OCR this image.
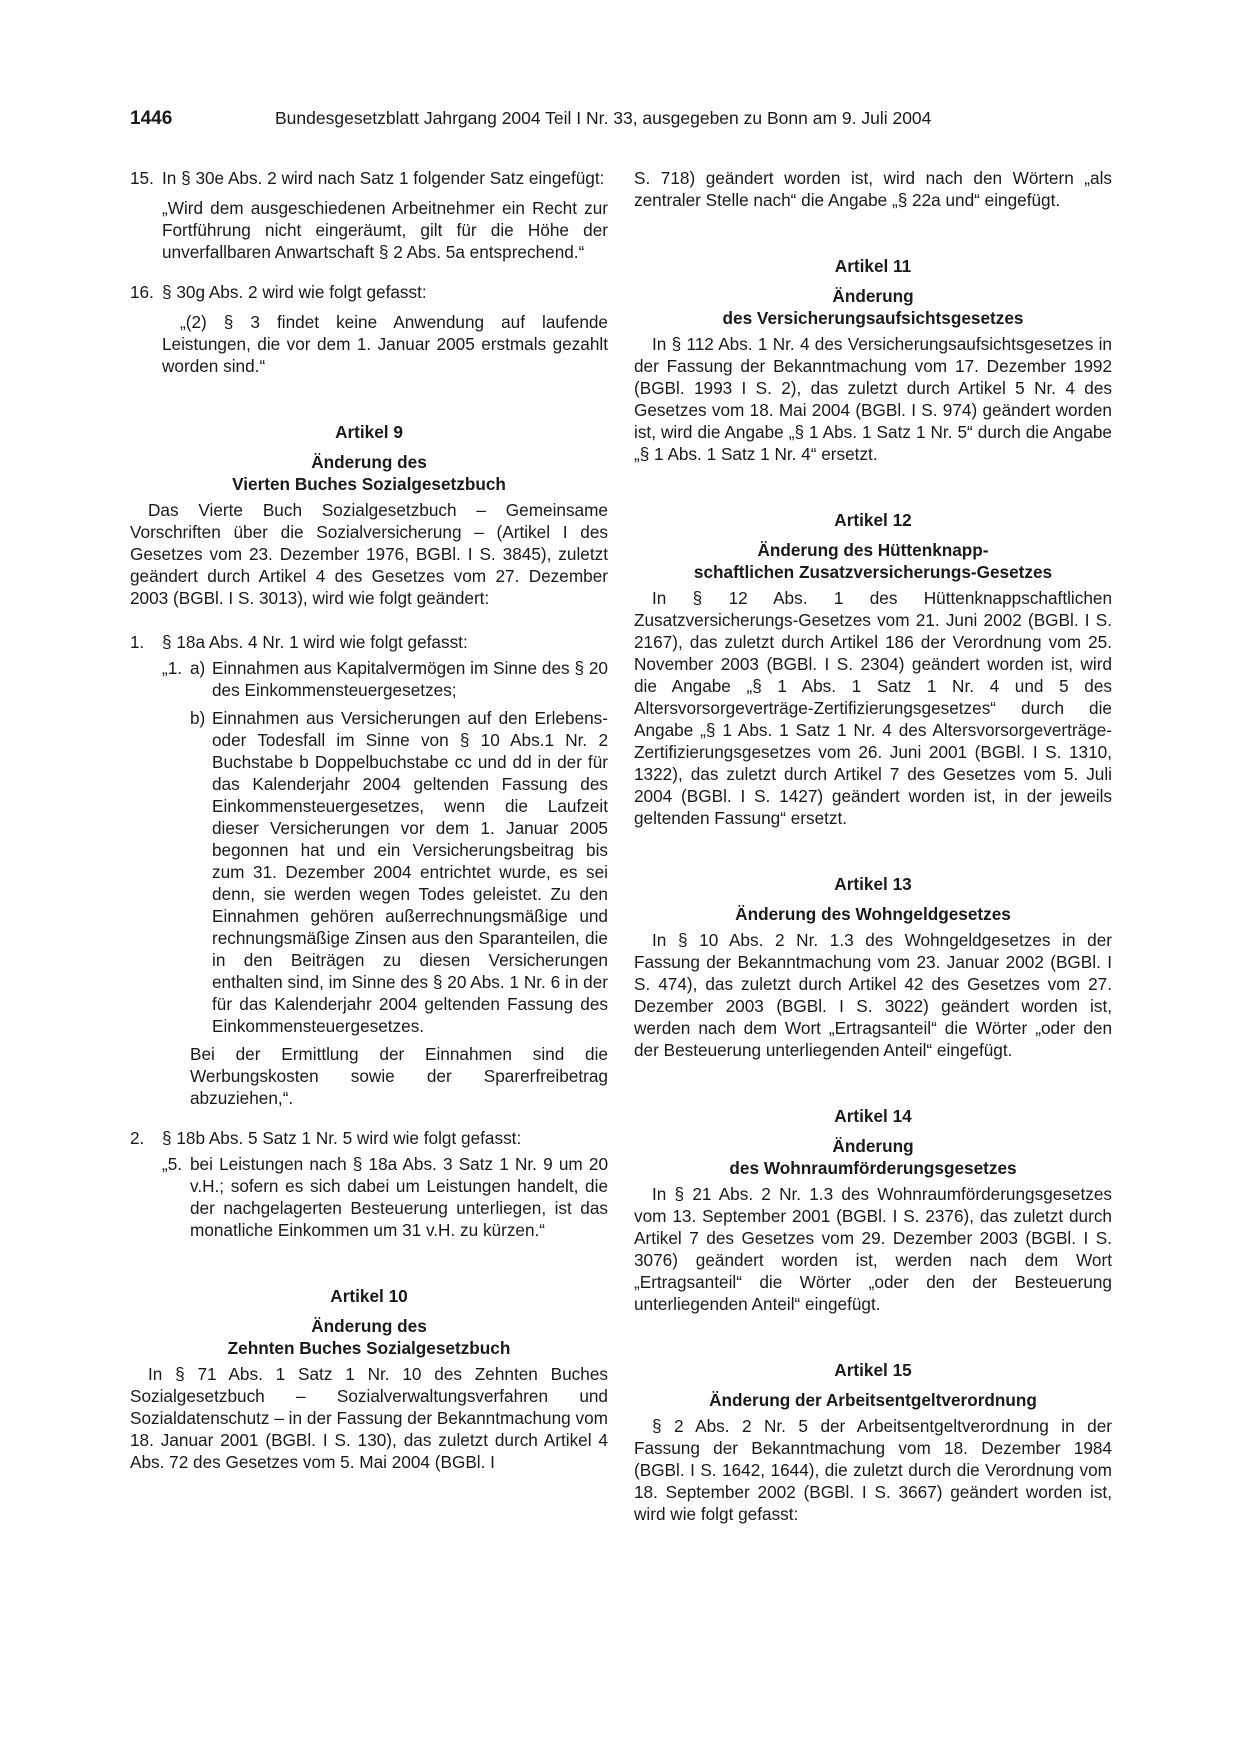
1446	Bundesgesetzblatt Jahrgang 2004 Teil I Nr. 33, ausgegeben zu Bonn am 9. Juli 2004
15. In § 30e Abs. 2 wird nach Satz 1 folgender Satz eingefügt:
„Wird dem ausgeschiedenen Arbeitnehmer ein Recht zur Fortführung nicht eingeräumt, gilt für die Höhe der unverfallbaren Anwartschaft § 2 Abs. 5a entsprechend.“
16. § 30g Abs. 2 wird wie folgt gefasst:
„(2) § 3 findet keine Anwendung auf laufende Leistungen, die vor dem 1. Januar 2005 erstmals gezahlt worden sind.“
Artikel 9
Änderung des
Vierten Buches Sozialgesetzbuch
Das Vierte Buch Sozialgesetzbuch – Gemeinsame Vorschriften über die Sozialversicherung – (Artikel I des Gesetzes vom 23. Dezember 1976, BGBl. I S. 3845), zuletzt geändert durch Artikel 4 des Gesetzes vom 27. Dezember 2003 (BGBl. I S. 3013), wird wie folgt geändert:
1.	§ 18a Abs. 4 Nr. 1 wird wie folgt gefasst:
„1. a) Einnahmen aus Kapitalvermögen im Sinne des § 20 des Einkommensteuergesetzes;
b) Einnahmen aus Versicherungen auf den Erlebens- oder Todesfall im Sinne von § 10 Abs.1 Nr. 2 Buchstabe b Doppelbuchstabe cc und dd in der für das Kalenderjahr 2004 geltenden Fassung des Einkommensteuergesetzes, wenn die Laufzeit dieser Versicherungen vor dem 1. Januar 2005 begonnen hat und ein Versicherungsbeitrag bis zum 31. Dezember 2004 entrichtet wurde, es sei denn, sie werden wegen Todes geleistet. Zu den Einnahmen gehören außerrechnungsmäßige und rechnungsmäßige Zinsen aus den Sparanteilen, die in den Beiträgen zu diesen Versicherungen enthalten sind, im Sinne des § 20 Abs. 1 Nr. 6 in der für das Kalenderjahr 2004 geltenden Fassung des Einkommensteuergesetzes.
Bei der Ermittlung der Einnahmen sind die Werbungskosten sowie der Sparerfreibetrag abzuziehen,“.
2.	§ 18b Abs. 5 Satz 1 Nr. 5 wird wie folgt gefasst:
„5. bei Leistungen nach § 18a Abs. 3 Satz 1 Nr. 9 um 20 v.H.; sofern es sich dabei um Leistungen handelt, die der nachgelagerten Besteuerung unterliegen, ist das monatliche Einkommen um 31 v.H. zu kürzen.“
Artikel 10
Änderung des
Zehnten Buches Sozialgesetzbuch
In § 71 Abs. 1 Satz 1 Nr. 10 des Zehnten Buches Sozialgesetzbuch – Sozialverwaltungsverfahren und Sozialdatenschutz – in der Fassung der Bekanntmachung vom 18. Januar 2001 (BGBl. I S. 130), das zuletzt durch Artikel 4 Abs. 72 des Gesetzes vom 5. Mai 2004 (BGBl. I
S. 718) geändert worden ist, wird nach den Wörtern „als zentraler Stelle nach“ die Angabe „§ 22a und“ eingefügt.
Artikel 11
Änderung
des Versicherungsaufsichtsgesetzes
In § 112 Abs. 1 Nr. 4 des Versicherungsaufsichtsgesetzes in der Fassung der Bekanntmachung vom 17. Dezember 1992 (BGBl. 1993 I S. 2), das zuletzt durch Artikel 5 Nr. 4 des Gesetzes vom 18. Mai 2004 (BGBl. I S. 974) geändert worden ist, wird die Angabe „§ 1 Abs. 1 Satz 1 Nr. 5“ durch die Angabe „§ 1 Abs. 1 Satz 1 Nr. 4“ ersetzt.
Artikel 12
Änderung des Hüttenknapp-
schaftlichen Zusatzversicherungs-Gesetzes
In § 12 Abs. 1 des Hüttenknappschaftlichen Zusatzversicherungs-Gesetzes vom 21. Juni 2002 (BGBl. I S. 2167), das zuletzt durch Artikel 186 der Verordnung vom 25. November 2003 (BGBl. I S. 2304) geändert worden ist, wird die Angabe „§ 1 Abs. 1 Satz 1 Nr. 4 und 5 des Altersvorsorgeverträge-Zertifizierungsgesetzes“ durch die Angabe „§ 1 Abs. 1 Satz 1 Nr. 4 des Altersvorsorgeverträge-Zertifizierungsgesetzes vom 26. Juni 2001 (BGBl. I S. 1310, 1322), das zuletzt durch Artikel 7 des Gesetzes vom 5. Juli 2004 (BGBl. I S. 1427) geändert worden ist, in der jeweils geltenden Fassung“ ersetzt.
Artikel 13
Änderung des Wohngeldgesetzes
In § 10 Abs. 2 Nr. 1.3 des Wohngeldgesetzes in der Fassung der Bekanntmachung vom 23. Januar 2002 (BGBl. I S. 474), das zuletzt durch Artikel 42 des Gesetzes vom 27. Dezember 2003 (BGBl. I S. 3022) geändert worden ist, werden nach dem Wort „Ertragsanteil“ die Wörter „oder den der Besteuerung unterliegenden Anteil“ eingefügt.
Artikel 14
Änderung
des Wohnraumförderungsgesetzes
In § 21 Abs. 2 Nr. 1.3 des Wohnraumförderungsgesetzes vom 13. September 2001 (BGBl. I S. 2376), das zuletzt durch Artikel 7 des Gesetzes vom 29. Dezember 2003 (BGBl. I S. 3076) geändert worden ist, werden nach dem Wort „Ertragsanteil“ die Wörter „oder den der Besteuerung unterliegenden Anteil“ eingefügt.
Artikel 15
Änderung der Arbeitsentgeltverordnung
§ 2 Abs. 2 Nr. 5 der Arbeitsentgeltverordnung in der Fassung der Bekanntmachung vom 18. Dezember 1984 (BGBl. I S. 1642, 1644), die zuletzt durch die Verordnung vom 18. September 2002 (BGBl. I S. 3667) geändert worden ist, wird wie folgt gefasst:
